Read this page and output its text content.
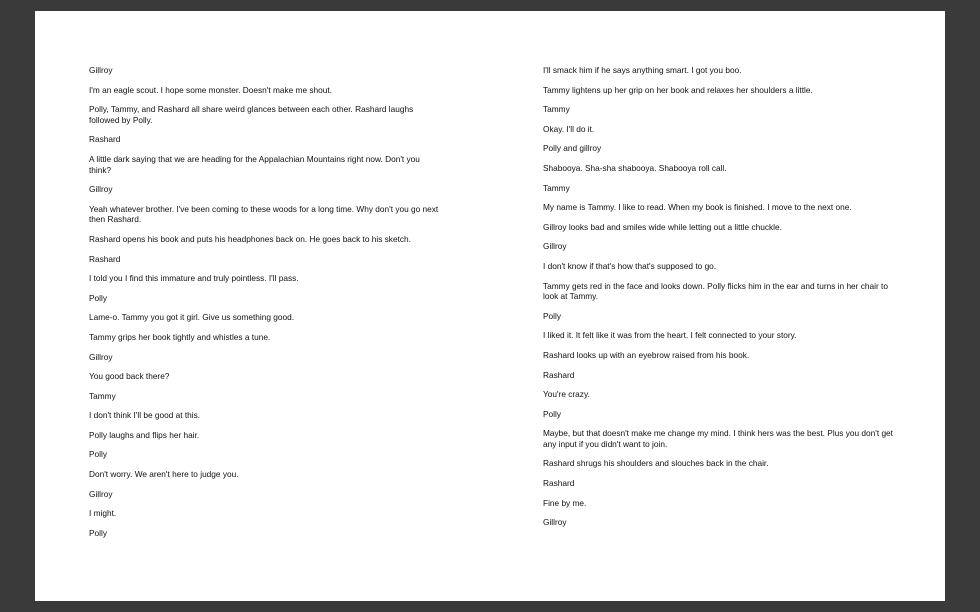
Gillroy

I'm an eagle scout. I hope some monster. Doesn't make me shout.

Polly, Tammy, and Rashard all share weird glances between each other. Rashard laughs followed by Polly.

Rashard

A little dark saying that we are heading for the Appalachian Mountains right now. Don't you think?

Gillroy

Yeah whatever brother. I've been coming to these woods for a long time. Why don't you go next then Rashard.

Rashard opens his book and puts his headphones back on. He goes back to his sketch.

Rashard

I told you I find this immature and truly pointless. I'll pass.

Polly

Lame-o. Tammy you got it girl. Give us something good.

Tammy grips her book tightly and whistles a tune.

Gillroy

You good back there?

Tammy

I don't think I'll be good at this.

Polly laughs and flips her hair.

Polly

Don't worry. We aren't here to judge you.

Gillroy

I might.

Polly

I'll smack him if he says anything smart. I got you boo.

Tammy lightens up her grip on her book and relaxes her shoulders a little.

Tammy

Okay. I'll do it.

Polly and gillroy

Shabooya. Sha-sha shabooya. Shabooya roll call.

Tammy

My name is Tammy. I like to read. When my book is finished. I move to the next one.

Gillroy looks bad and smiles wide while letting out a little chuckle.

Gillroy

I don't know if that's how that's supposed to go.

Tammy gets red in the face and looks down. Polly flicks him in the ear and turns in her chair to look at Tammy.

Polly

I liked it. It felt like it was from the heart. I felt connected to your story.

Rashard looks up with an eyebrow raised from his book.

Rashard

You're crazy.

Polly

Maybe, but that doesn't make me change my mind. I think hers was the best. Plus you don't get any input if you didn't want to join.

Rashard shrugs his shoulders and slouches back in the chair.

Rashard

Fine by me.

Gillroy
